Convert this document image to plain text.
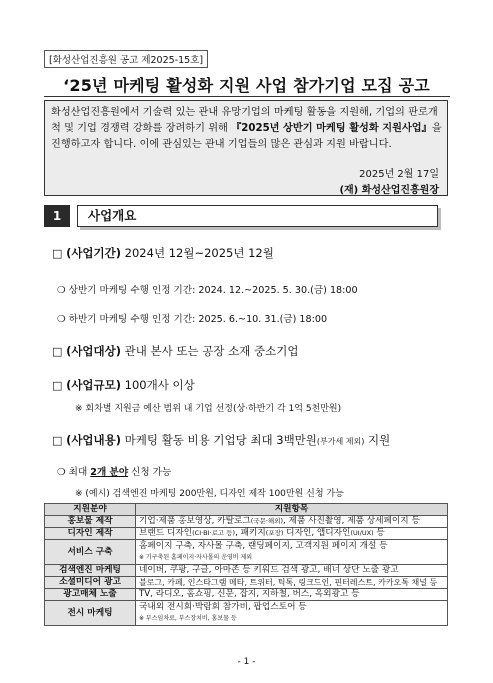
[화성산업진흥원 공고 제2025-15호]
‘25년 마케팅 활성화 지원 사업 참가기업 모집 공고

화성산업진흥원에서 기술력 있는 관내 유망기업의 마케팅 활동을 지원해, 기업의 판로개척 및 기업 경쟁력 강화를 장려하기 위해 『2025년 상반기 마케팅 활성화 지원사업』을 진행하고자 합니다. 이에 관심있는 관내 기업들의 많은 관심과 지원 바랍니다.

2025년 2월 17일
(재) 화성산업진흥원장
1	사업개요
□ (사업기간) 2024년 12월~2025년 12월
❍ 상반기 마케팅 수행 인정 기간: 2024. 12.~2025. 5. 30.(금) 18:00
❍ 하반기 마케팅 수행 인정 기간: 2025. 6.~10. 31.(금) 18:00
□ (사업대상) 관내 본사 또는 공장 소재 중소기업
□ (사업규모) 100개사 이상
※ 회차별 지원금 예산 범위 내 기업 선정(상·하반기 각 1억 5천만원)
□ (사업내용) 마케팅 활동 비용 기업당 최대 3백만원(부가세 제외) 지원
❍ 최대 2개 분야 신청 가능
※ (예시) 검색엔진 마케팅 200만원, 디자인 제작 100만원 신청 가능
지원분야	지원항목
홍보물 제작	기업·제품 홍보영상, 카탈로그(국문·해외), 제품 사진촬영, 제품 상세페이지 등
디자인 제작	브랜드 디자인(CI·BI·로고 등), 패키지(포장) 디자인, 앱디자인(UI/UX) 등
서비스 구축	홈페이지 구축, 자사몰 구축, 랜딩페이지, 고객지원 페이지 개설 등
※ 기구축된 홈페이지·자사몰의 운영비 제외

검색엔진 마케팅	네이버, 쿠팡, 구글, 아마존 등 키워드 검색 광고, 배너 상단 노출 광고
소셜미디어 광고	블로그, 카페, 인스타그램 메타, 트위터, 틱톡, 링크드인, 핀터레스트, 카카오톡 채널 등
광고매체 노출	TV, 라디오, 홈쇼핑, 신문, 잡지, 지하철, 버스, 옥외광고 등
전시 마케팅	국내외 전시회·박람회 참가비, 팝업스토어 등
※ 부스임차료, 부스장치비, 홍보물 등
- 1 -
